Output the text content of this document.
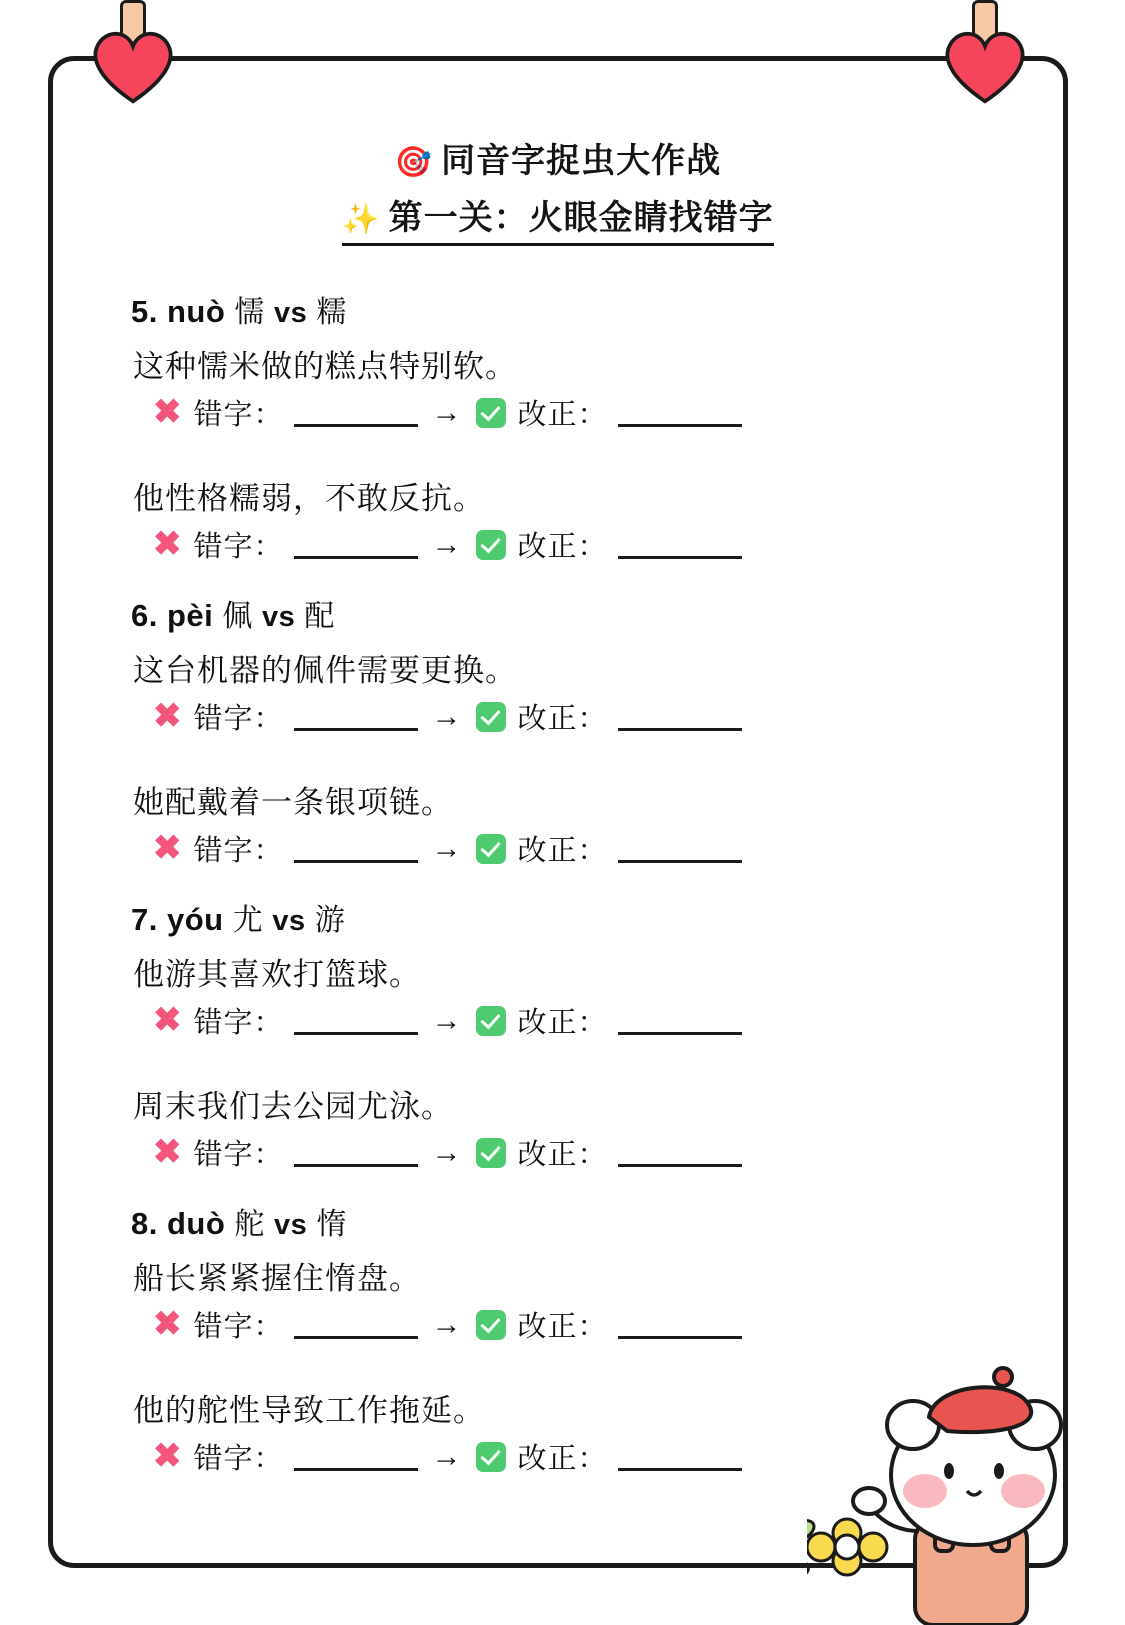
🎯 同音字捉虫大作战
✨ 第一关：火眼金睛找错字
5. nuò 懦 vs 糯
这种懦米做的糕点特别软。
✖ 错字：	→ 改正：
他性格糯弱，不敢反抗。
✖ 错字：	→ 改正：
6. pèi 佩 vs 配
这台机器的佩件需要更换。
✖ 错字：	→ 改正：
她配戴着一条银项链。
✖ 错字：	→ 改正：
7. yóu 尤 vs 游
他游其喜欢打篮球。
✖ 错字：	→ 改正：
周末我们去公园尤泳。
✖ 错字：	→ 改正：
8. duò 舵 vs 惰
船长紧紧握住惰盘。
✖ 错字：	→ 改正：
他的舵性导致工作拖延。
✖ 错字：	→ 改正：
